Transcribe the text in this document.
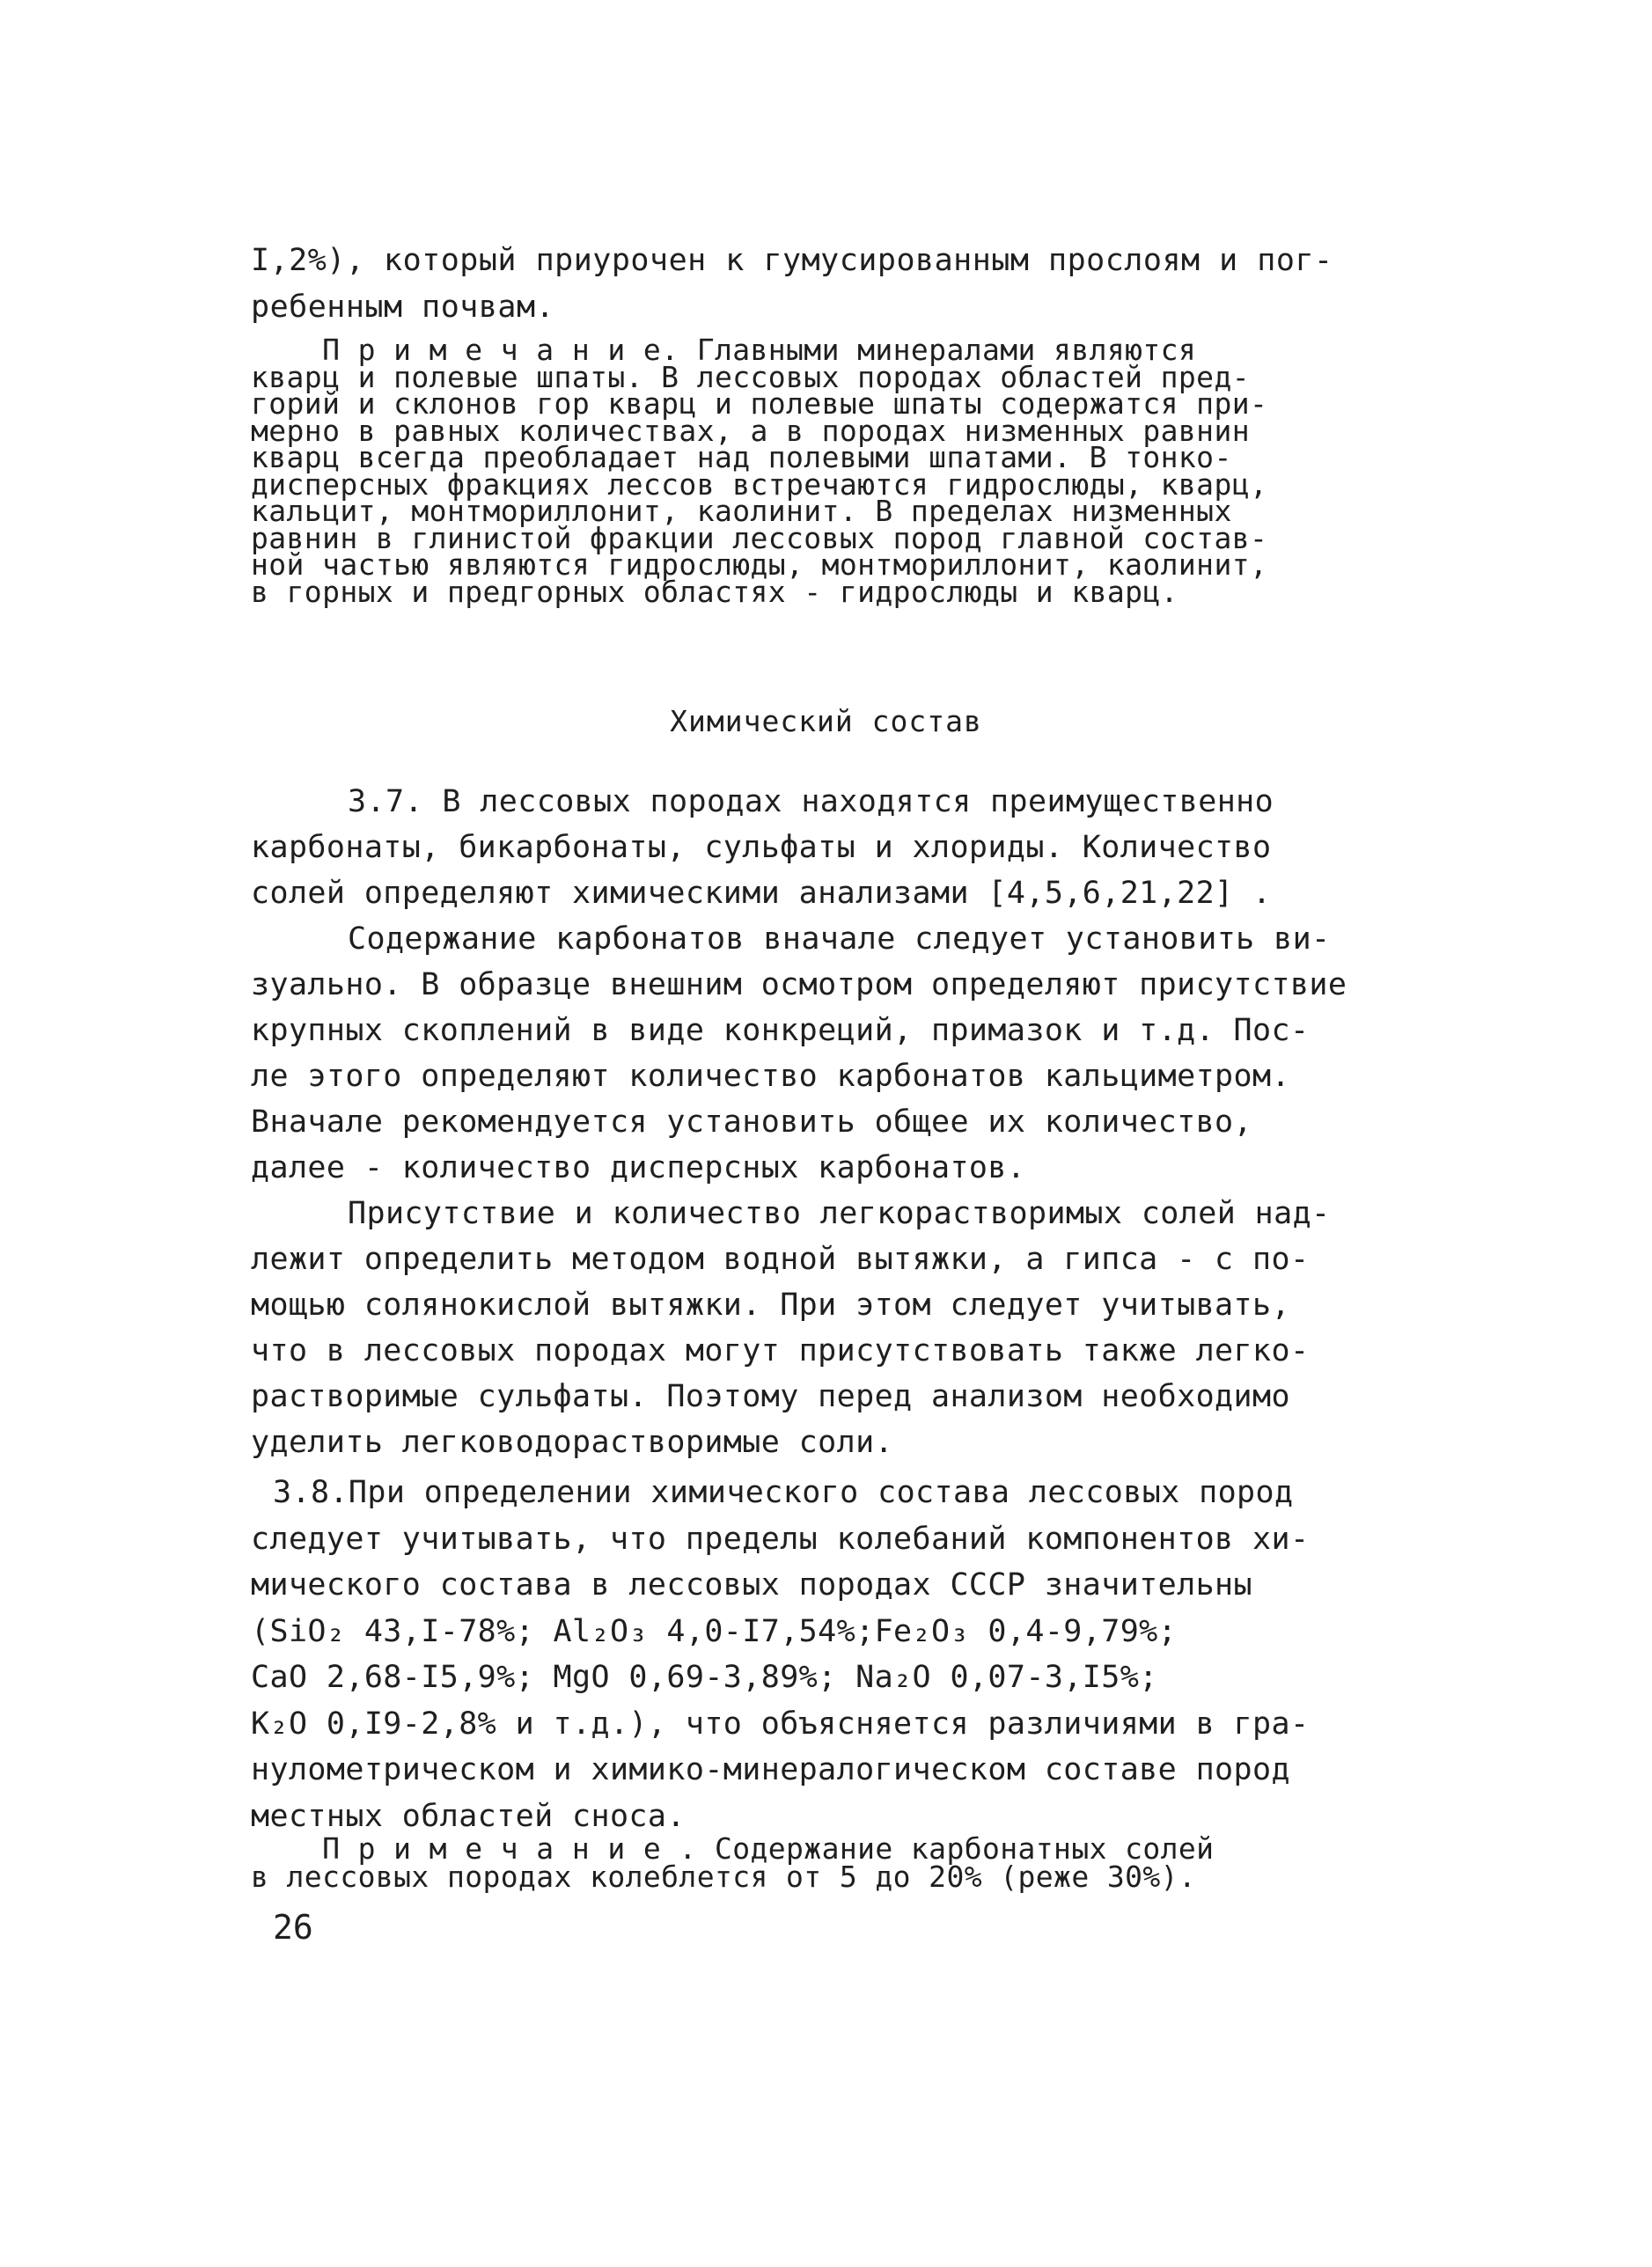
I,2%), который приурочен к гумусированным прослоям и пог-
ребенным почвам.
П р и м е ч а н и е. Главными минералами являются
кварц и полевые шпаты. В лессовых породах областей пред-
горий и склонов гор кварц и полевые шпаты содержатся при-
мерно в равных количествах, а в породах низменных равнин
кварц всегда преобладает над полевыми шпатами. В тонко-
дисперсных фракциях лессов встречаются гидрослюды, кварц,
кальцит, монтмориллонит, каолинит. В пределах низменных
равнин в глинистой фракции лессовых пород главной состав-
ной частью являются гидрослюды, монтмориллонит, каолинит,
в горных и предгорных областях - гидрослюды и кварц.
Химический состав
3.7. В лессовых породах находятся преимущественно
карбонаты, бикарбонаты, сульфаты и хлориды. Количество
солей определяют химическими анализами [4,5,6,21,22] .
Содержание карбонатов вначале следует установить ви-
зуально. В образце внешним осмотром определяют присутствие
крупных скоплений в виде конкреций, примазок и т.д. Пос-
ле этого определяют количество карбонатов кальциметром.
Вначале рекомендуется установить общее их количество,
далее - количество дисперсных карбонатов.
Присутствие и количество легкорастворимых солей над-
лежит определить методом водной вытяжки, а гипса - с по-
мощью солянокислой вытяжки. При этом следует учитывать,
что в лессовых породах могут присутствовать также легко-
растворимые сульфаты. Поэтому перед анализом необходимо
уделить легководорастворимые соли.
3.8.При определении химического состава лессовых пород
следует учитывать, что пределы колебаний компонентов хи-
мического состава в лессовых породах СССР значительны
(SiO₂ 43,I-78%; Al₂O₃ 4,0-I7,54%;Fe₂O₃ 0,4-9,79%;
CaO 2,68-I5,9%; MgO 0,69-3,89%; Na₂O 0,07-3,I5%;
K₂O 0,I9-2,8% и т.д.), что объясняется различиями в гра-
нулометрическом и химико-минералогическом составе пород
местных областей сноса.
П р и м е ч а н и е . Содержание карбонатных солей
в лессовых породах колеблется от 5 до 20% (реже 30%).
26
